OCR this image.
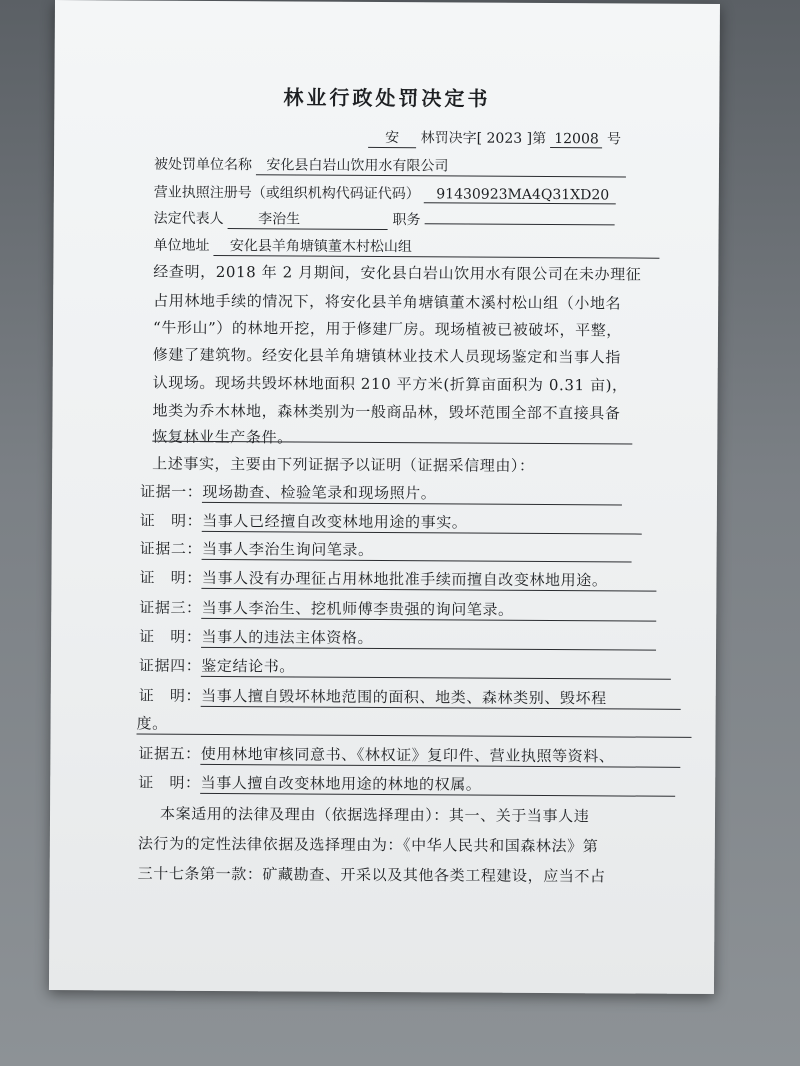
林业行政处罚决定书
安 林罚决字[ 2023 ]第 12008 号
被处罚单位名称 安化县白岩山饮用水有限公司
营业执照注册号（或组织机构代码证代码） 91430923MA4Q31XD20
法定代表人 李治生	职务
单位地址 安化县羊角塘镇董木村松山组
经查明，2018 年 2 月期间，安化县白岩山饮用水有限公司在未办理征
占用林地手续的情况下，将安化县羊角塘镇董木溪村松山组（小地名
“牛形山”）的林地开挖，用于修建厂房。现场植被已被破坏，平整，
修建了建筑物。经安化县羊角塘镇林业技术人员现场鉴定和当事人指
认现场。现场共毁坏林地面积 210 平方米(折算亩面积为 0.31 亩)，
地类为乔木林地，森林类别为一般商品林，毁坏范围全部不直接具备
恢复林业生产条件。
上述事实，主要由下列证据予以证明（证据采信理由）：
证据一：现场勘查、检验笔录和现场照片。
证　明：当事人已经擅自改变林地用途的事实。
证据二：当事人李治生询问笔录。
证　明：当事人没有办理征占用林地批准手续而擅自改变林地用途。
证据三：当事人李治生、挖机师傅李贵强的询问笔录。
证　明：当事人的违法主体资格。
证据四：鉴定结论书。
证　明：当事人擅自毁坏林地范围的面积、地类、森林类别、毁坏程
度。
证据五：使用林地审核同意书、《林权证》复印件、营业执照等资料、
证　明：当事人擅自改变林地用途的林地的权属。
本案适用的法律及理由（依据选择理由）：其一、关于当事人违
法行为的定性法律依据及选择理由为：《中华人民共和国森林法》第
三十七条第一款：矿藏勘查、开采以及其他各类工程建设，应当不占
